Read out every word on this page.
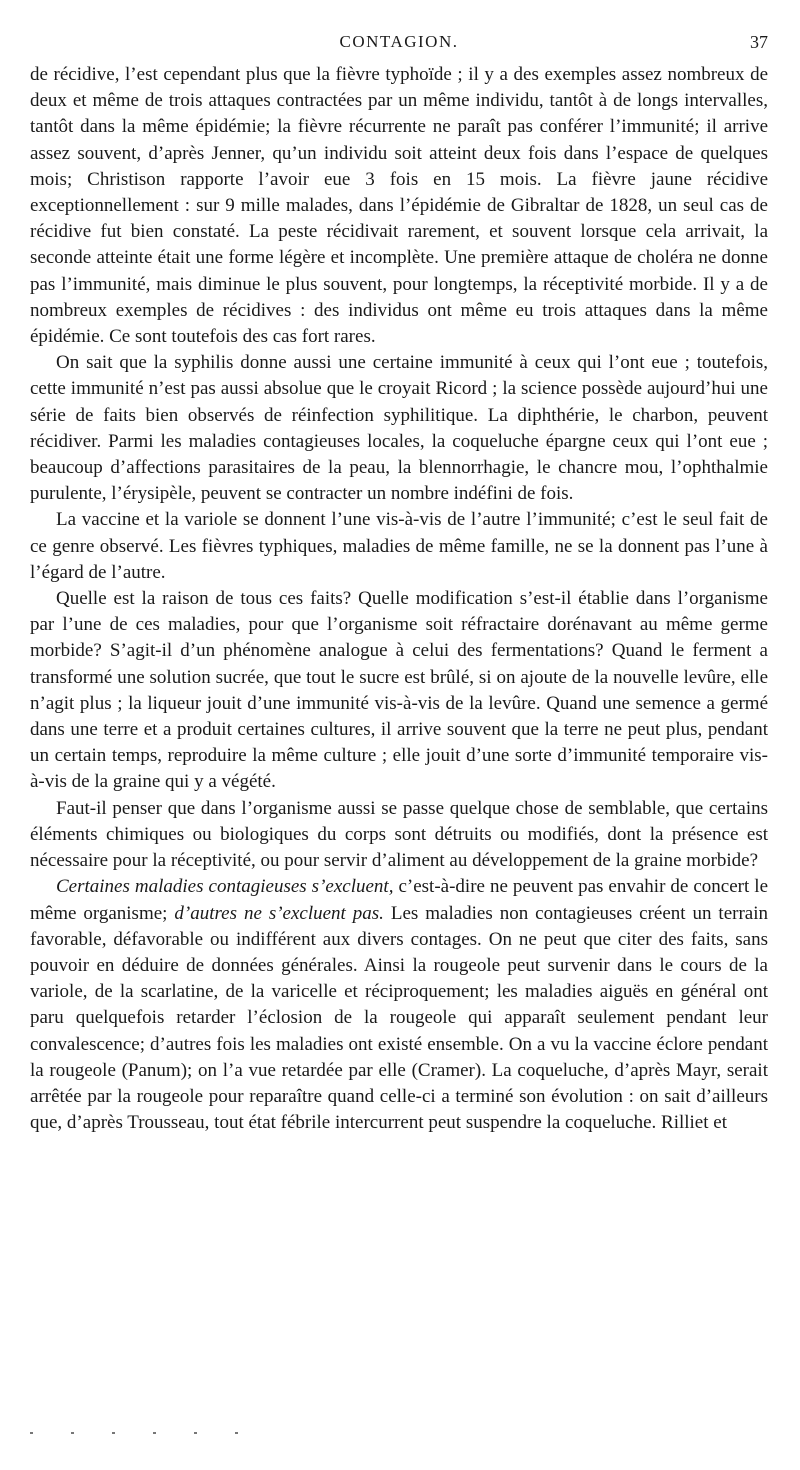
CONTAGION.	37

de récidive, l’est cependant plus que la fièvre typhoïde ; il y a des exemples assez nombreux de deux et même de trois attaques contractées par un même individu, tantôt à de longs intervalles, tantôt dans la même épidémie; la fièvre récurrente ne paraît pas conférer l’immunité; il arrive assez souvent, d’après Jenner, qu’un individu soit atteint deux fois dans l’espace de quelques mois; Christison rapporte l’avoir eue 3 fois en 15 mois. La fièvre jaune récidive exceptionnellement : sur 9 mille malades, dans l’épidémie de Gibraltar de 1828, un seul cas de récidive fut bien constaté. La peste récidivait rarement, et souvent lorsque cela arrivait, la seconde atteinte était une forme légère et incomplète. Une première attaque de choléra ne donne pas l’immunité, mais diminue le plus souvent, pour longtemps, la réceptivité morbide. Il y a de nombreux exemples de récidives : des individus ont même eu trois attaques dans la même épidémie. Ce sont toutefois des cas fort rares.

On sait que la syphilis donne aussi une certaine immunité à ceux qui l’ont eue ; toutefois, cette immunité n’est pas aussi absolue que le croyait Ricord ; la science possède aujourd’hui une série de faits bien observés de réinfection syphilitique. La diphthérie, le charbon, peuvent récidiver. Parmi les maladies contagieuses locales, la coqueluche épargne ceux qui l’ont eue ; beaucoup d’affections parasitaires de la peau, la blennorrhagie, le chancre mou, l’ophthalmie purulente, l’érysipèle, peuvent se contracter un nombre indéfini de fois.

La vaccine et la variole se donnent l’une vis-à-vis de l’autre l’immunité; c’est le seul fait de ce genre observé. Les fièvres typhiques, maladies de même famille, ne se la donnent pas l’une à l’égard de l’autre.

Quelle est la raison de tous ces faits? Quelle modification s’est-il établie dans l’organisme par l’une de ces maladies, pour que l’organisme soit réfractaire dorénavant au même germe morbide? S’agit-il d’un phénomène analogue à celui des fermentations? Quand le ferment a transformé une solution sucrée, que tout le sucre est brûlé, si on ajoute de la nouvelle levûre, elle n’agit plus ; la liqueur jouit d’une immunité vis-à-vis de la levûre. Quand une semence a germé dans une terre et a produit certaines cultures, il arrive souvent que la terre ne peut plus, pendant un certain temps, reproduire la même culture ; elle jouit d’une sorte d’immunité temporaire vis-à-vis de la graine qui y a végété.

Faut-il penser que dans l’organisme aussi se passe quelque chose de semblable, que certains éléments chimiques ou biologiques du corps sont détruits ou modifiés, dont la présence est nécessaire pour la réceptivité, ou pour servir d’aliment au développement de la graine morbide?

Certaines maladies contagieuses s’excluent, c’est-à-dire ne peuvent pas envahir de concert le même organisme; d’autres ne s’excluent pas. Les maladies non contagieuses créent un terrain favorable, défavorable ou indifférent aux divers contages. On ne peut que citer des faits, sans pouvoir en déduire de données générales. Ainsi la rougeole peut survenir dans le cours de la variole, de la scarlatine, de la varicelle et réciproquement; les maladies aiguës en général ont paru quelquefois retarder l’éclosion de la rougeole qui apparaît seulement pendant leur convalescence; d’autres fois les maladies ont existé ensemble. On a vu la vaccine éclore pendant la rougeole (Panum); on l’a vue retardée par elle (Cramer). La coqueluche, d’après Mayr, serait arrêtée par la rougeole pour reparaître quand celle-ci a terminé son évolution : on sait d’ailleurs que, d’après Trousseau, tout état fébrile intercurrent peut suspendre la coqueluche. Rilliet et
